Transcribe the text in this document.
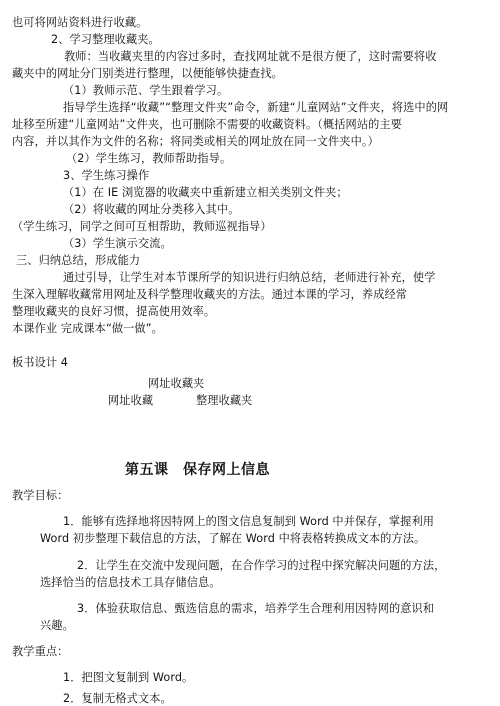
也可将网站资料进行收藏。
2、学习整理收藏夹。
教师：当收藏夹里的内容过多时，查找网址就不是很方便了，这时需要将收
藏夹中的网址分门别类进行整理，以便能够快捷查找。
（1）教师示范、学生跟着学习。
指导学生选择“收藏”“整理文件夹”命令，新建“儿童网站”文件夹，将选中的网
址移至所建“儿童网站”文件夹，也可删除不需要的收藏资料。（概括网站的主要
内容，并以其作为文件的名称；将同类或相关的网址放在同一文件夹中。）
（2）学生练习，教师帮助指导。
3、学生练习操作
（1）在 IE 浏览器的收藏夹中重新建立相关类别文件夹；
（2）将收藏的网址分类移入其中。
（学生练习，同学之间可互相帮助，教师巡视指导）
（3）学生演示交流。
三、归纳总结，形成能力
通过引导，让学生对本节课所学的知识进行归纳总结，老师进行补充，使学
生深入理解收藏常用网址及科学整理收藏夹的方法。通过本课的学习，养成经常
整理收藏夹的良好习惯，提高使用效率。
本课作业 完成课本“做一做”。
板书设计 4
网址收藏夹
网址收藏	整理收藏夹
第五课　保存网上信息
教学目标：
1．能够有选择地将因特网上的图文信息复制到 Word 中并保存，掌握利用
Word 初步整理下载信息的方法，了解在 Word 中将表格转换成文本的方法。
2．让学生在交流中发现问题，在合作学习的过程中探究解决问题的方法，
选择恰当的信息技术工具存储信息。
3．体验获取信息、甄选信息的需求，培养学生合理利用因特网的意识和
兴趣。
教学重点：
1．把图文复制到 Word。
2．复制无格式文本。
